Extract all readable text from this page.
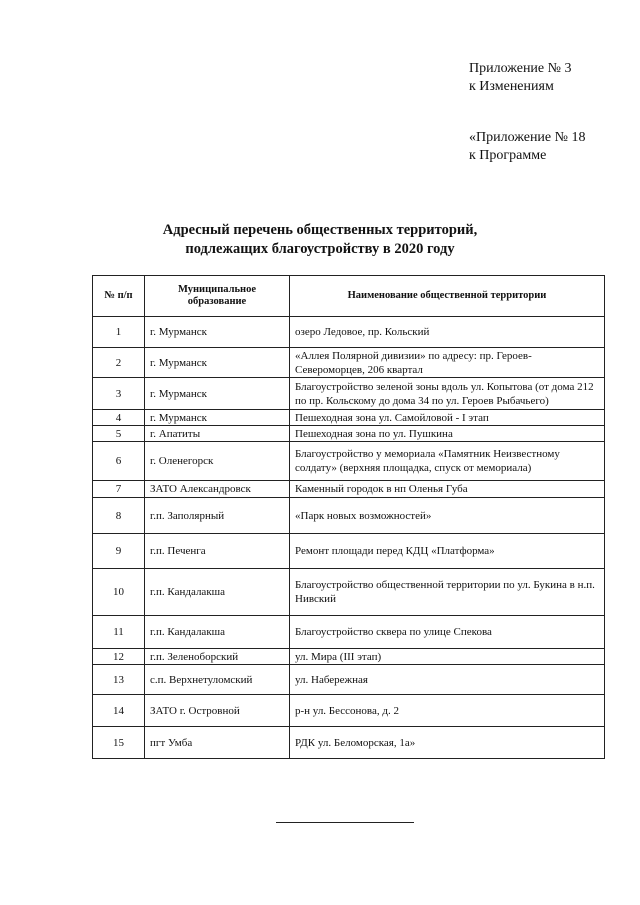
Приложение № 3
к Изменениям
«Приложение № 18
к Программе
Адресный перечень общественных территорий,
подлежащих благоустройству в 2020 году
№ п/п	Муниципальное образование	Наименование общественной территории
1	г. Мурманск	озеро Ледовое, пр. Кольский
2	г. Мурманск	«Аллея Полярной дивизии» по адресу: пр. Героев-Североморцев, 206 квартал
3	г. Мурманск	Благоустройство зеленой зоны вдоль ул. Копытова (от дома 212 по пр. Кольскому до дома 34 по ул. Героев Рыбачьего)
4	г. Мурманск	Пешеходная зона ул. Самойловой - I этап
5	г. Апатиты	Пешеходная зона по ул. Пушкина
6	г. Оленегорск	Благоустройство у мемориала «Памятник Неизвестному солдату» (верхняя площадка, спуск от мемориала)
7	ЗАТО Александровск	Каменный городок в нп Оленья Губа
8	г.п. Заполярный	«Парк новых возможностей»
9	г.п. Печенга	Ремонт площади перед КДЦ «Платформа»
10	г.п. Кандалакша	Благоустройство общественной территории по ул. Букина в н.п. Нивский
11	г.п. Кандалакша	Благоустройство сквера по улице Спекова
12	г.п. Зеленоборский	ул. Мира (III этап)
13	с.п. Верхнетуломский	ул. Набережная
14	ЗАТО г. Островной	р-н ул. Бессонова, д. 2
15	пгт Умба	РДК ул. Беломорская, 1а»
